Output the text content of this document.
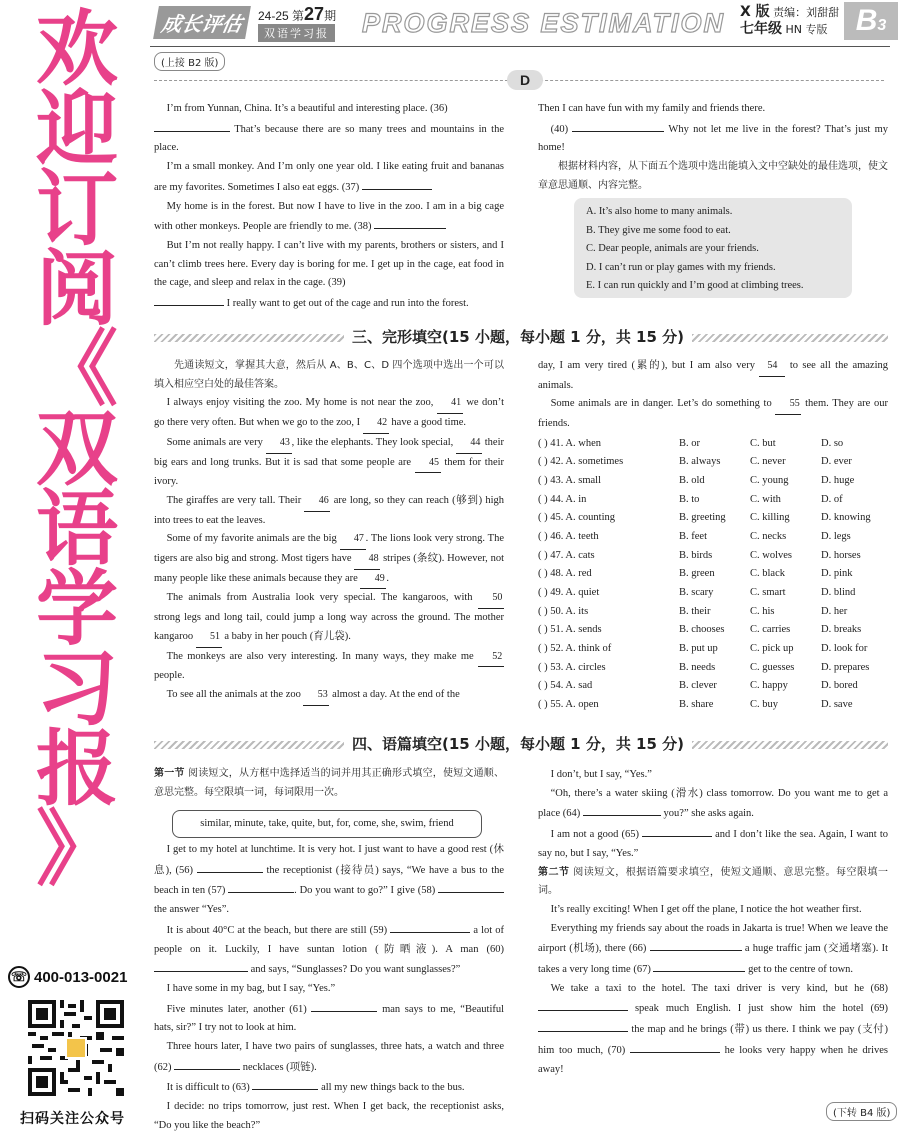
欢
迎
订
阅
《
双
语
学
习
报
》
☏ 400-013-0021
扫码关注公众号
成长评估	24-25 第27期
双语学习报 PROGRESS ESTIMATION X 版 责编：刘甜甜
七年级 HN 专版 B3
(上接 B2 版)
D

I’m from Yunnan, China. It’s a beautiful and interesting place. (36)

That’s because there are so many trees and mountains in the place.

I’m a small monkey. And I’m only one year old. I like eating fruit and bananas are my favorites. Sometimes I also eat eggs. (37)

My home is in the forest. But now I have to live in the zoo. I am in a big cage with other monkeys. People are friendly to me. (38)

But I’m not really happy. I can’t live with my parents, brothers or sisters, and I can’t climb trees here. Every day is boring for me. I get up in the cage, eat food in the cage, and sleep and relax in the cage. (39)

I really want to get out of the cage and run into the forest.

Then I can have fun with my family and friends there.

(40)	Why not let me live in the forest? That’s just my home!

根据材料内容，从下面五个选项中选出能填入文中空缺处的最佳选项，使文章意思通顺、内容完整。

A. It’s also home to many animals.
B. They give me some food to eat.
C. Dear people, animals are your friends.
D. I can’t run or play games with my friends.
E. I can run quickly and I’m good at climbing trees.
三、完形填空(15 小题，每小题 1 分，共 15 分)

先通读短文，掌握其大意，然后从 A、B、C、D 四个选项中选出一个可以填入相应空白处的最佳答案。

I always enjoy visiting the zoo. My home is not near the zoo, 41 we don’t go there very often. But when we go to the zoo, I 42 have a good time.

Some animals are very 43 , like the elephants. They look special, 44 their big ears and long trunks. But it is sad that some people are 45 them for their ivory.

The giraffes are very tall. Their 46 are long, so they can reach (够到) high into trees to eat the leaves.

Some of my favorite animals are the big 47 . The lions look very strong. The tigers are also big and strong. Most tigers have 48 stripes (条纹). However, not many people like these animals because they are 49 .

The animals from Australia look very special. The kangaroos, with 50 strong legs and long tail, could jump a long way across the ground. The mother kangaroo 51 a baby in her pouch (育儿袋).

The monkeys are also very interesting. In many ways, they make me 52 people.

To see all the animals at the zoo 53 almost a day. At the end of the

day, I am very tired (累的), but I am also very 54 to see all the amazing animals.

Some animals are in danger. Let’s do something to 55 them. They are our friends.

( ) 41. A. when	B. or	C. but	D. so
( ) 42. A. sometimes	B. always	C. never	D. ever
( ) 43. A. small	B. old	C. young	D. huge
( ) 44. A. in	B. to	C. with	D. of
( ) 45. A. counting	B. greeting	C. killing	D. knowing
( ) 46. A. teeth	B. feet	C. necks	D. legs
( ) 47. A. cats	B. birds	C. wolves	D. horses
( ) 48. A. red	B. green	C. black	D. pink
( ) 49. A. quiet	B. scary	C. smart	D. blind
( ) 50. A. its	B. their	C. his	D. her
( ) 51. A. sends	B. chooses	C. carries	D. breaks
( ) 52. A. think of	B. put up	C. pick up	D. look for
( ) 53. A. circles	B. needs	C. guesses	D. prepares
( ) 54. A. sad	B. clever	C. happy	D. bored
( ) 55. A. open	B. share	C. buy	D. save
四、语篇填空(15 小题，每小题 1 分，共 15 分)

第一节 阅读短文，从方框中选择适当的词并用其正确形式填空，使短文通顺、意思完整。每空限填一词，每词限用一次。

similar, minute, take, quite, but, for, come, she, swim, friend

I get to my hotel at lunchtime. It is very hot. I just want to have a good rest (休息), (56)	the receptionist (接待员) says, “We have a bus to the beach in ten (57)	. Do you want to go?” I give (58)  the answer “Yes”.

It is about 40°C at the beach, but there are still (59)	a lot of people on it. Luckily, I have suntan lotion (防晒液). A man (60)  and says, “Sunglasses? Do you want sunglasses?”

I have some in my bag, but I say, “Yes.”

Five minutes later, another (61)	man says to me, “Beautiful hats, sir?” I try not to look at him.

Three hours later, I have two pairs of sunglasses, three hats, a watch and three (62)	necklaces (项链).

It is difficult to (63)	all my new things back to the bus.

I decide: no trips tomorrow, just rest. When I get back, the receptionist asks, “Do you like the beach?”

I don’t, but I say, “Yes.”

“Oh, there’s a water skiing (滑水) class tomorrow. Do you want me to get a place (64)	you?” she asks again.

I am not a good (65)	and I don’t like the sea. Again, I want to say no, but I say, “Yes.”

第二节 阅读短文，根据语篇要求填空，使短文通顺、意思完整。每空限填一词。

It’s really exciting! When I get off the plane, I notice the hot weather first.

Everything my friends say about the roads in Jakarta is true! When we leave the airport (机场), there (66)	a huge traffic jam (交通堵塞). It takes a very long time (67)	get to the centre of town.

We take a taxi to the hotel. The taxi driver is very kind, but he (68)  speak much English. I just show him the hotel (69)  the map and he brings (带) us there. I think we pay (支付) him too much, (70)	he looks very happy when he drives away!

(下转 B4 版)
